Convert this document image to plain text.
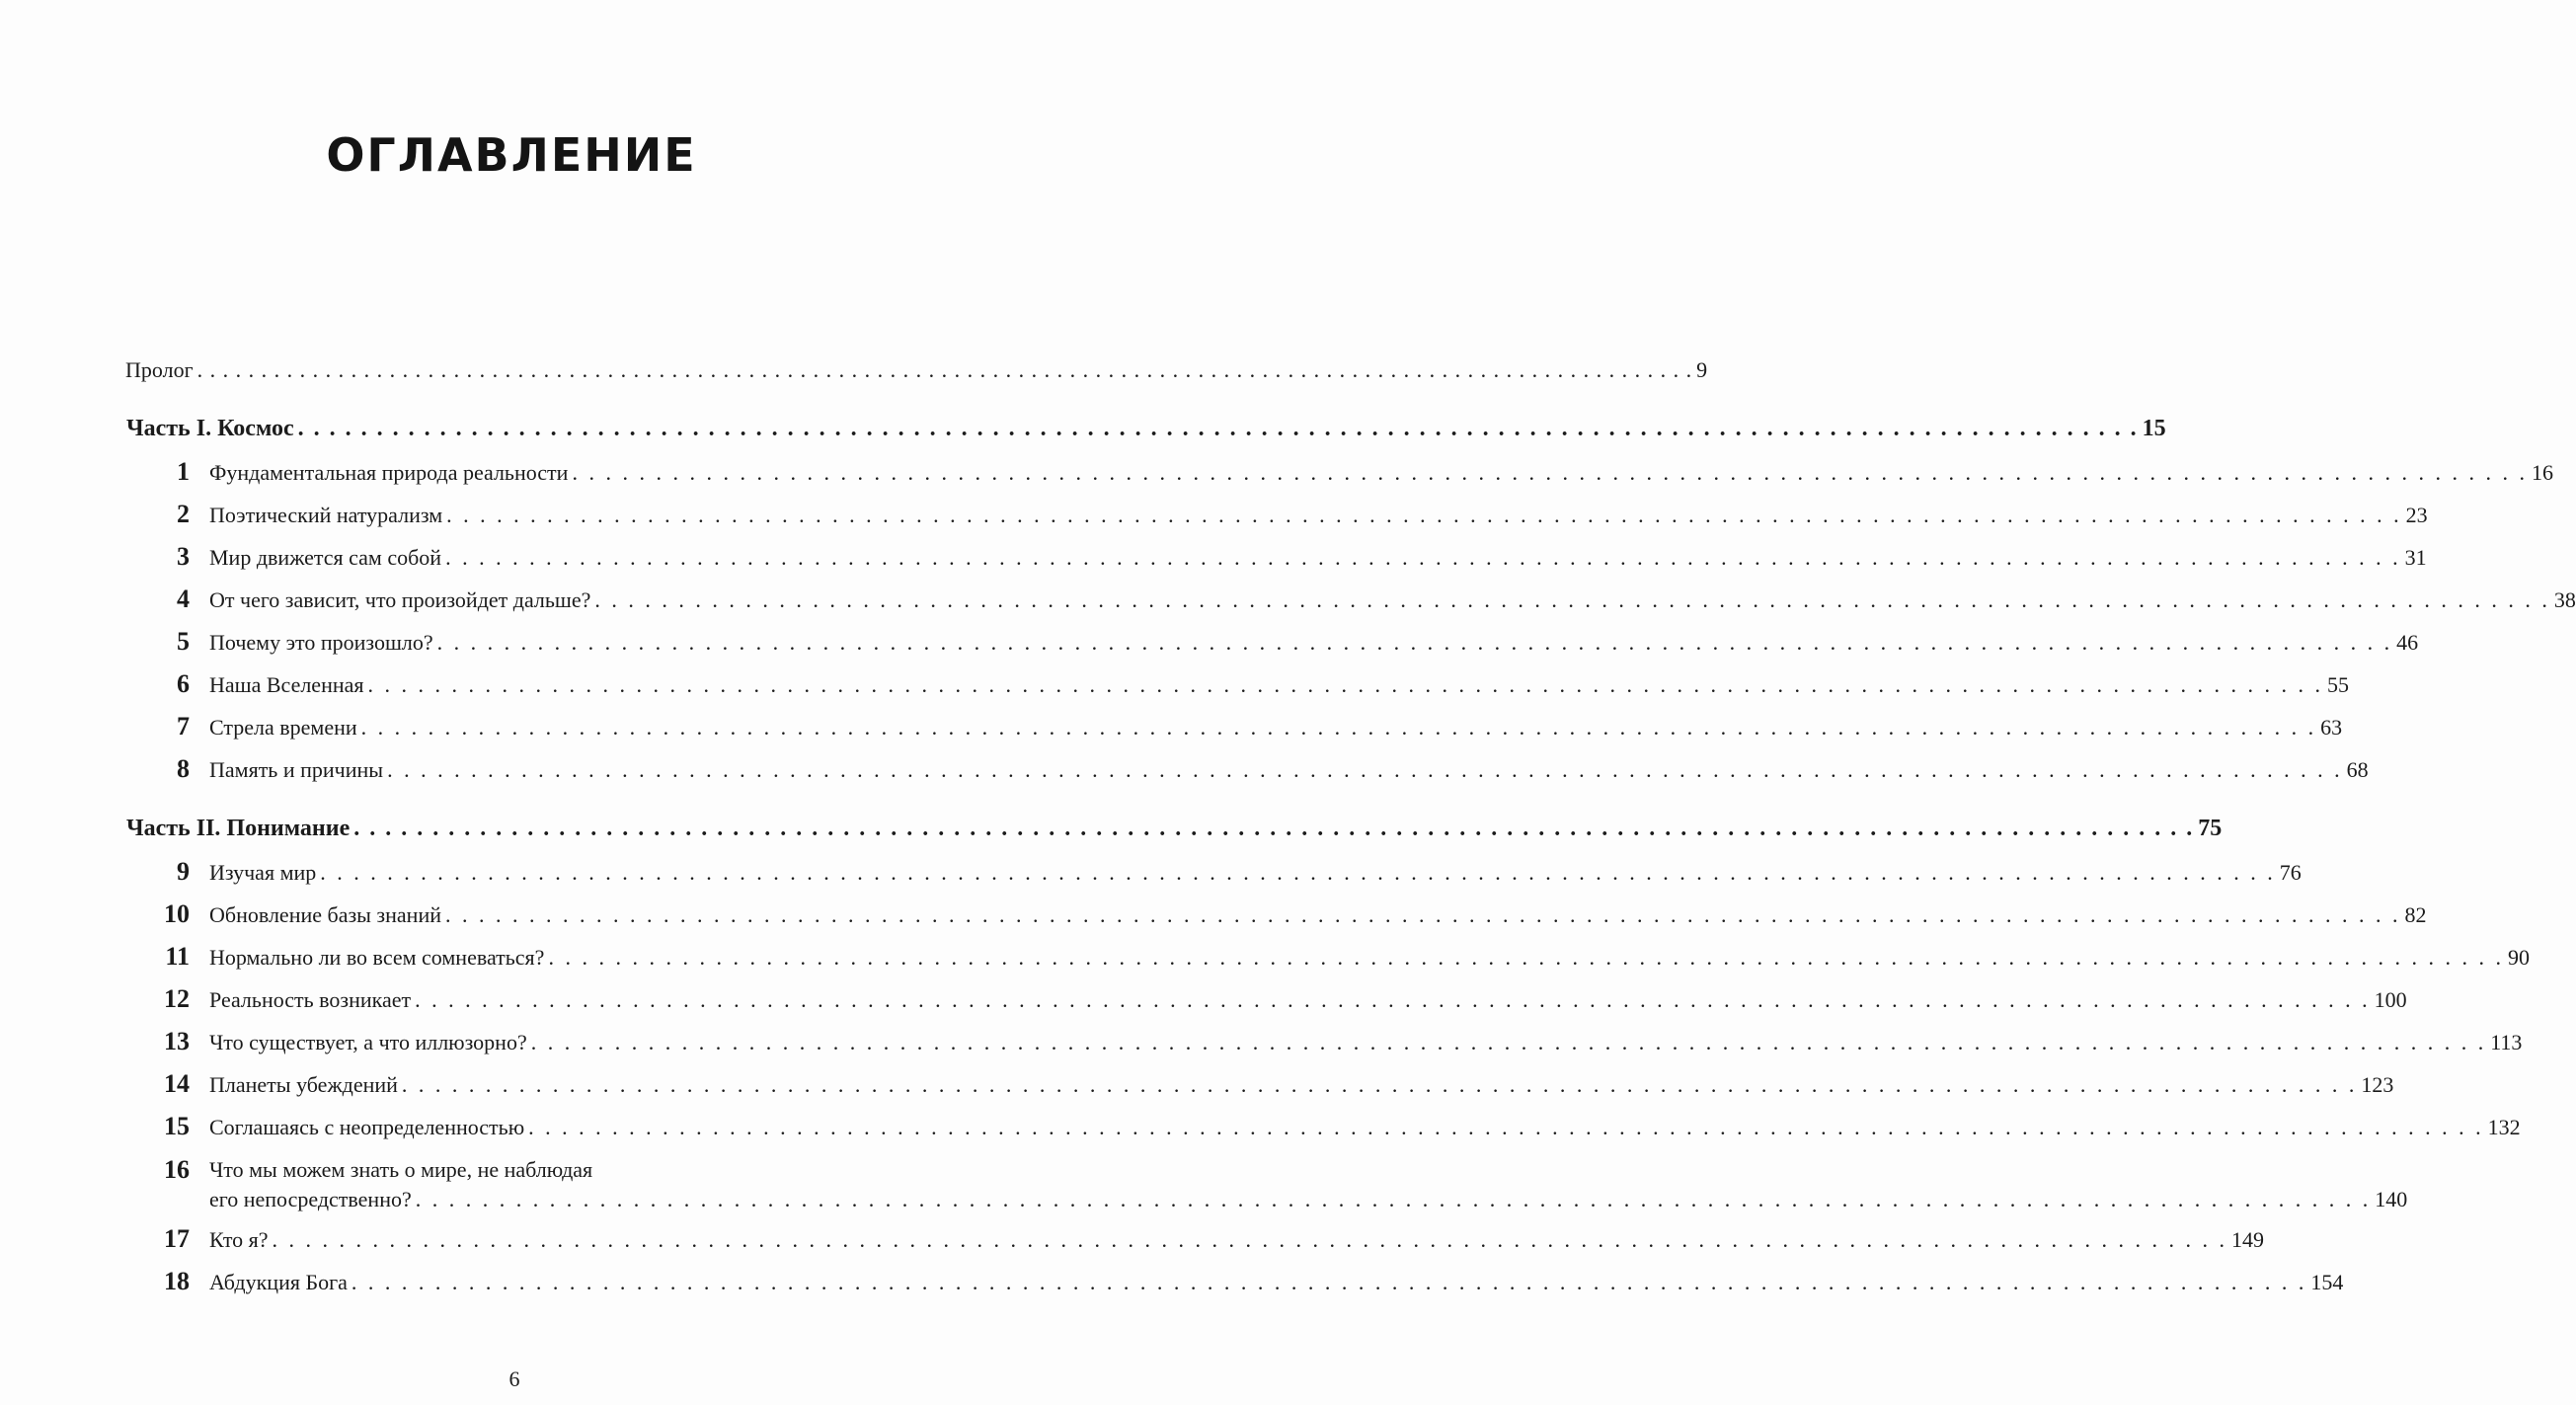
ОГЛАВЛЕНИЕ
Пролог . . .	9
Часть I. Космос . . .	15
1 Фундаментальная природа реальности . . .	16
2 Поэтический натурализм . . .	23
3 Мир движется сам собой . . .	31
4 От чего зависит, что произойдет дальше? . . .	38
5 Почему это произошло? . . .	46
6 Наша Вселенная . . .	55
7 Стрела времени . . .	63
8 Память и причины . . .	68
Часть II. Понимание . . .	75
9 Изучая мир . . .	76
10 Обновление базы знаний . . .	82
11 Нормально ли во всем сомневаться? . . .	90
12 Реальность возникает . . .	100
13 Что существует, а что иллюзорно? . . .	113
14 Планеты убеждений . . .	123
15 Соглашаясь с неопределенностью . . .	132
16 Что мы можем знать о мире, не наблюдая
его непосредственно? . . .	140
17 Кто я? . . .	149
18 Абдукция Бога . . .	154
6
